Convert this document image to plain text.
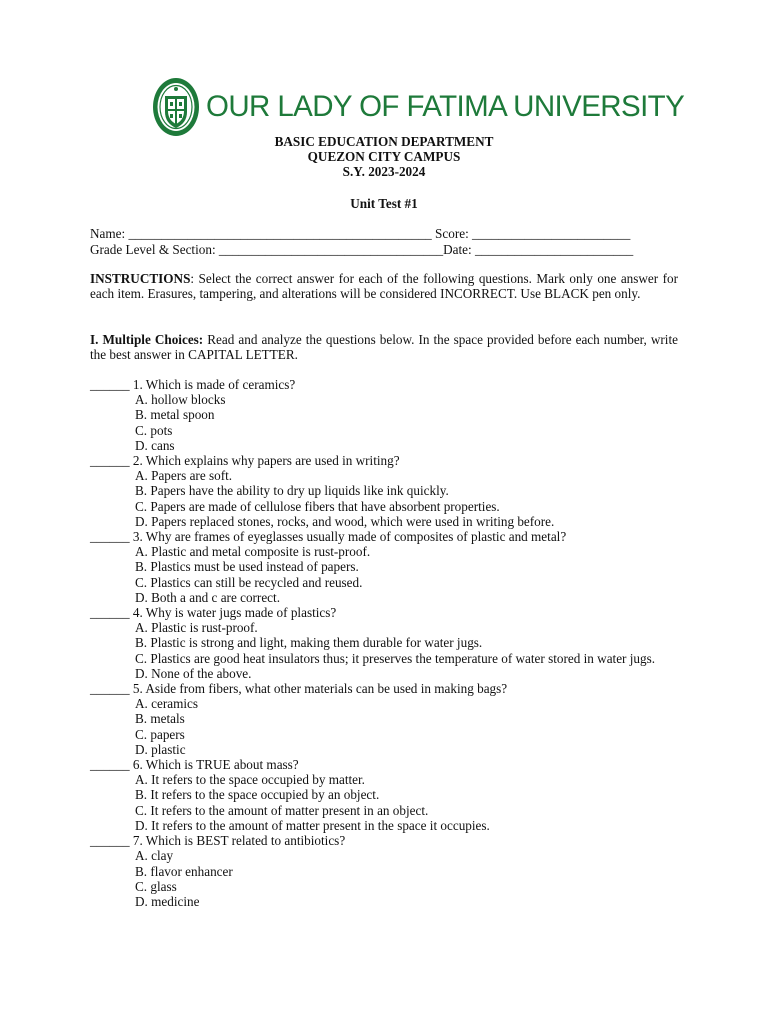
OUR LADY OF FATIMA UNIVERSITY
BASIC EDUCATION DEPARTMENT
QUEZON CITY CAMPUS
S.Y. 2023-2024
Unit Test #1
Name: ______________________________________________ Score: ________________________
Grade Level & Section: __________________________________Date: ________________________
INSTRUCTIONS: Select the correct answer for each of the following questions. Mark only one answer for each item. Erasures, tampering, and alterations will be considered INCORRECT. Use BLACK pen only.
I. Multiple Choices: Read and analyze the questions below. In the space provided before each number, write the best answer in CAPITAL LETTER.
______ 1. Which is made of ceramics?
A. hollow blocks
B. metal spoon
C. pots
D. cans
______ 2. Which explains why papers are used in writing?
A. Papers are soft.
B. Papers have the ability to dry up liquids like ink quickly.
C. Papers are made of cellulose fibers that have absorbent properties.
D. Papers replaced stones, rocks, and wood, which were used in writing before.
______ 3. Why are frames of eyeglasses usually made of composites of plastic and metal?
A. Plastic and metal composite is rust-proof.
B. Plastics must be used instead of papers.
C. Plastics can still be recycled and reused.
D. Both a and c are correct.
______ 4. Why is water jugs made of plastics?
A. Plastic is rust-proof.
B. Plastic is strong and light, making them durable for water jugs.
C. Plastics are good heat insulators thus; it preserves the temperature of water stored in water jugs.
D. None of the above.
______ 5. Aside from fibers, what other materials can be used in making bags?
A. ceramics
B. metals
C. papers
D. plastic
______ 6. Which is TRUE about mass?
A. It refers to the space occupied by matter.
B. It refers to the space occupied by an object.
C. It refers to the amount of matter present in an object.
D. It refers to the amount of matter present in the space it occupies.
______ 7. Which is BEST related to antibiotics?
A. clay
B. flavor enhancer
C. glass
D. medicine
